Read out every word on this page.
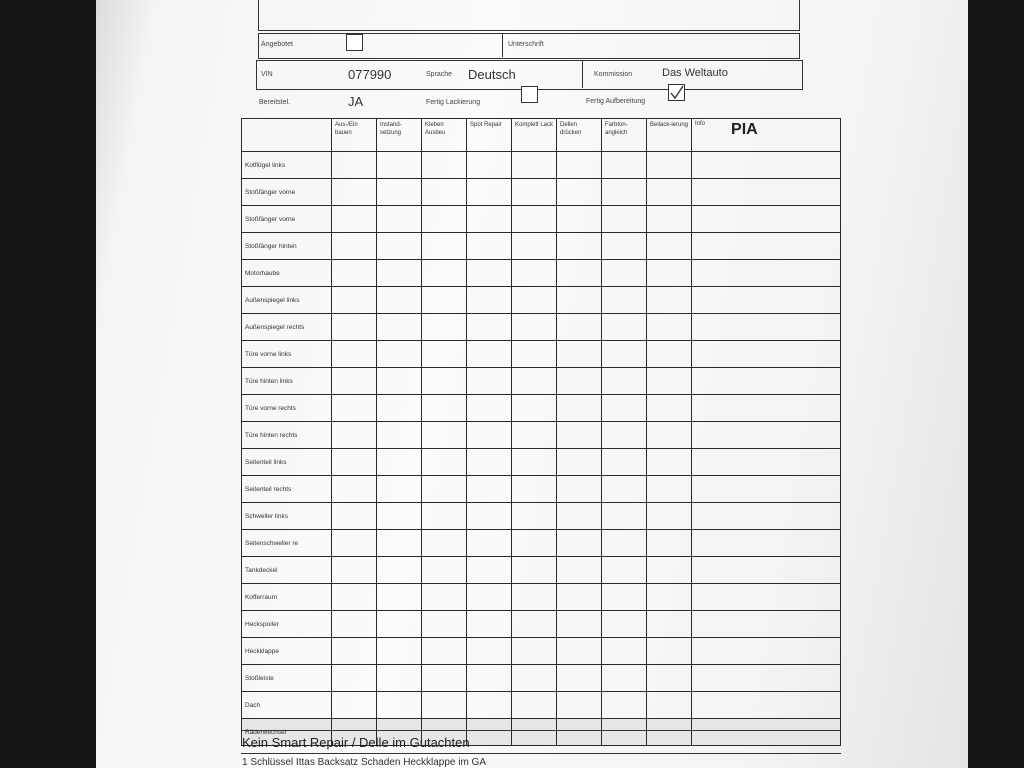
Angebotet	Unterschrift
VIN	077990	Sprache Deutsch	Kommission	Das Weltauto
Bereitstel.	JA	Fertig Lackierung	Fertig Aufbereitung
	Aus-/Ein bauen	Instand-setzung	Kleben Ausbeu	Spot Repair	Komplett Lack	Dellen drücken	Farbton-angleich	Beilack-ierung	Info PIA
Kotflügel links									
Stoßfänger vorne									
Stoßfänger vorne									
Stoßfänger hinten									
Motorhaube									
Außenspiegel links									
Außenspiegel rechts									
Türe vorne links									
Türe hinten links									
Türe vorne rechts									
Türe hinten rechts									
Seitenteil links									
Seitenteil rechts									
Schweller links									
Seitenschweller re									
Tankdeckel									
Kofferraum									
Heckspoiler									
Heckklappe									
Stoßleiste									
Dach									
Räderwechsel									
Kein Smart Repair / Delle im Gutachten
1 Schlüssel Ittas Backsatz Schaden Heckklappe im GA
